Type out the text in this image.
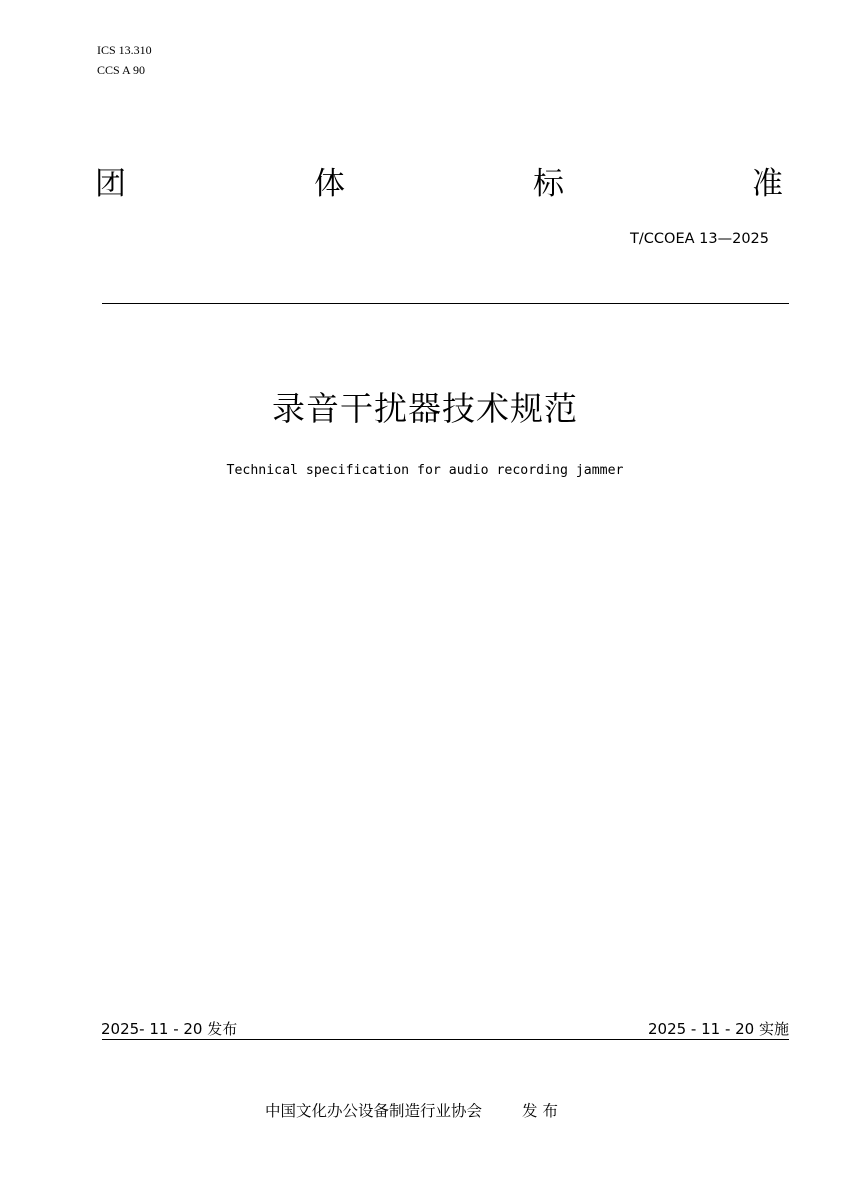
ICS 13.310
CCS A 90
团	体	标	准
T/CCOEA 13—2025
录音干扰器技术规范
Technical specification for audio recording jammer
2025- 11 - 20 发布	2025 - 11 - 20 实施
中国文化办公设备制造行业协会	发 布
